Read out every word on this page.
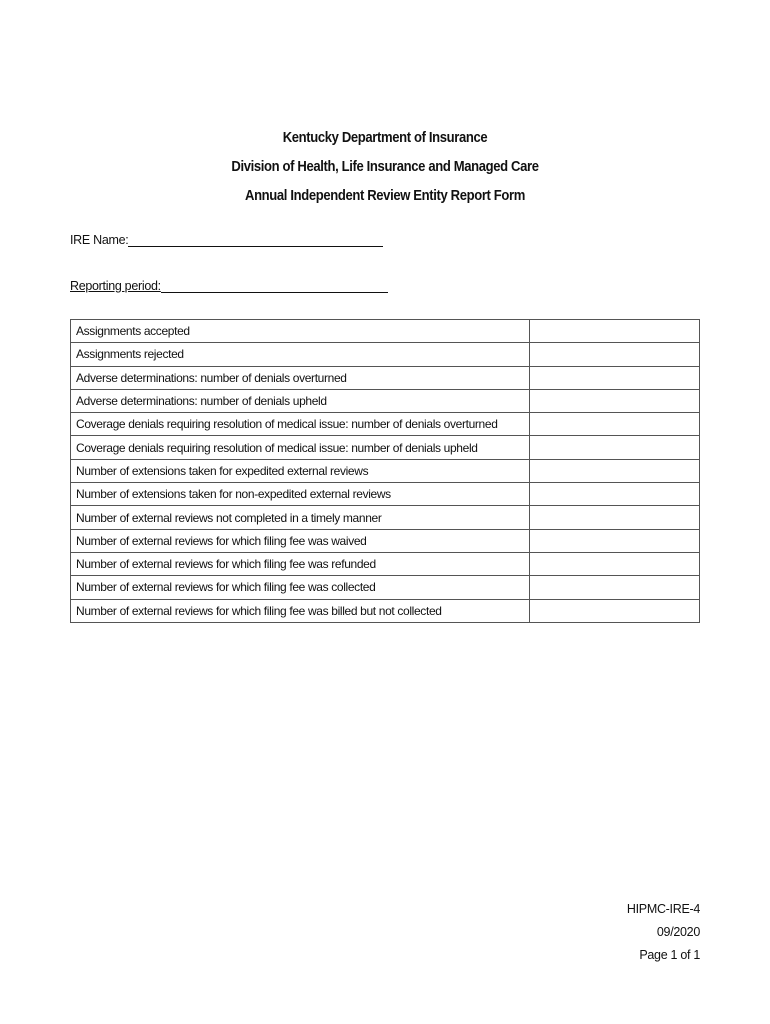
Kentucky Department of Insurance
Division of Health, Life Insurance and Managed Care
Annual Independent Review Entity Report Form
IRE Name:
Reporting period:
Assignments accepted	
Assignments rejected	
Adverse determinations: number of denials overturned	
Adverse determinations: number of denials upheld	
Coverage denials requiring resolution of medical issue: number of denials overturned	
Coverage denials requiring resolution of medical issue: number of denials upheld	
Number of extensions taken for expedited external reviews	
Number of extensions taken for non-expedited external reviews	
Number of external reviews not completed in a timely manner	
Number of external reviews for which filing fee was waived	
Number of external reviews for which filing fee was refunded	
Number of external reviews for which filing fee was collected	
Number of external reviews for which filing fee was billed but not collected	
HIPMC-IRE-4
09/2020
Page 1 of 1
